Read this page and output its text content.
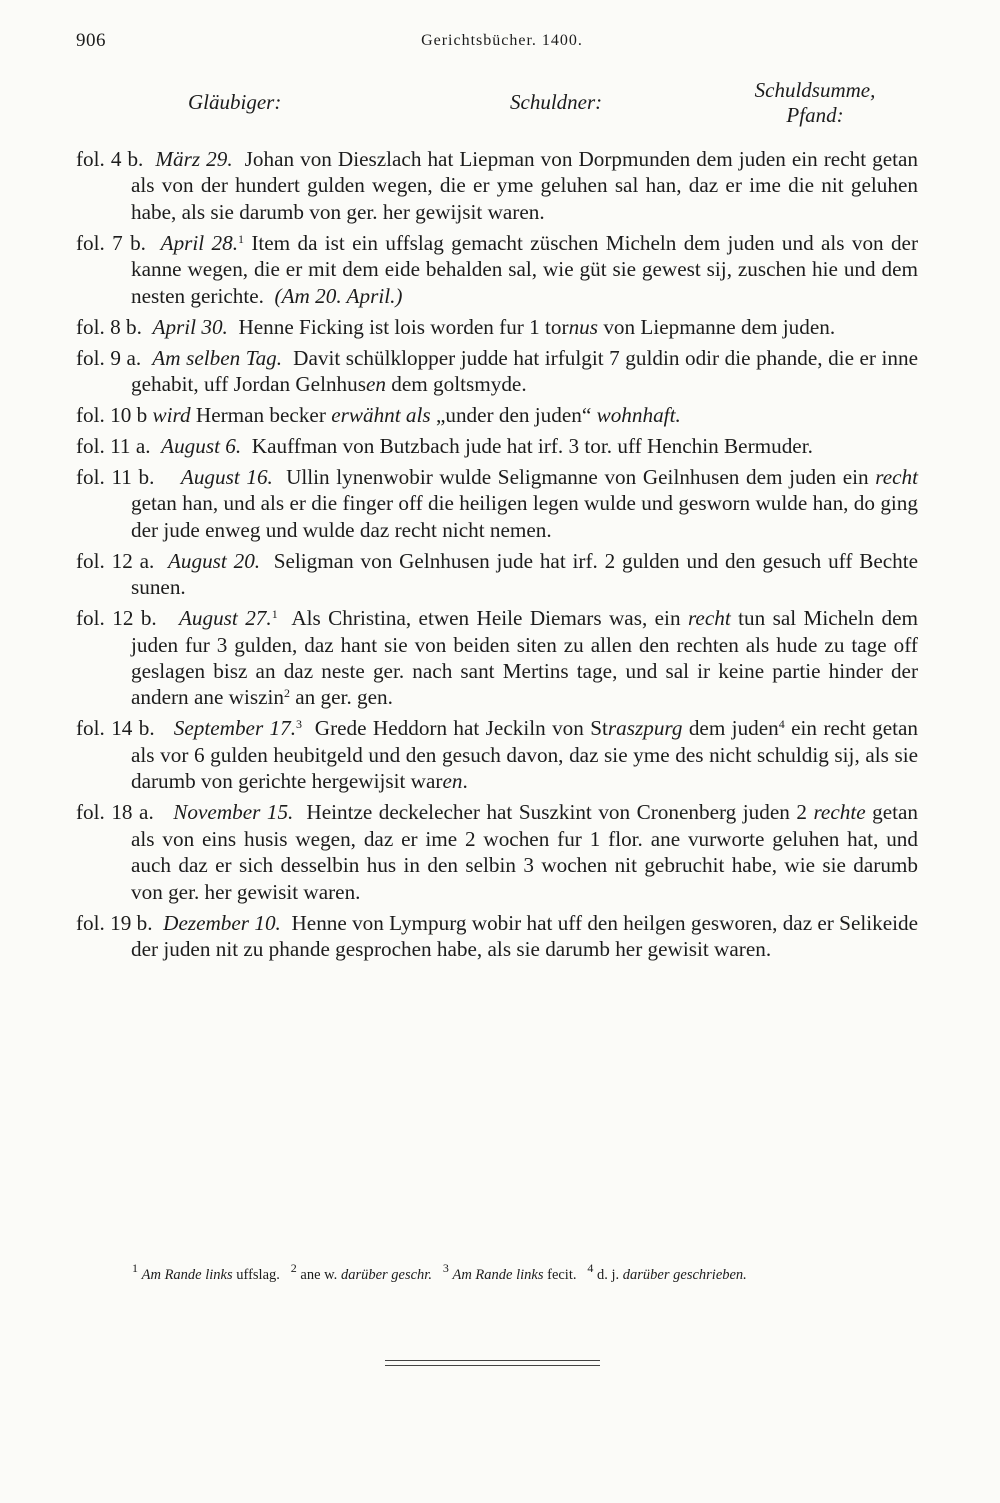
906	Gerichtsbücher. 1400.
Gläubiger:	Schuldner:	Schuldsumme,
Pfand:

fol. 4 b. März 29. Johan von Dieszlach hat Liepman von Dorpmunden dem juden ein recht getan als von der hundert gulden wegen, die er yme geluhen sal han, daz er ime die nit geluhen habe, als sie darumb von ger. her gewijsit waren.

fol. 7 b. April 28.$^1$ Item da ist ein uffslag gemacht züschen Micheln dem juden und als von der kanne wegen, die er mit dem eide behalden sal, wie güt sie gewest sij, zuschen hie und dem nesten gerichte. (Am 20. April.)

fol. 8 b. April 30. Henne Ficking ist lois worden fur 1 tornus von Liepmanne dem juden.

fol. 9 a. Am selben Tag. Davit schülklopper judde hat irfulgit 7 guldin odir die phande, die er inne gehabit, uff Jordan Gelnhusen dem goltsmyde.

fol. 10 b wird Herman becker erwähnt als „under den juden“ wohnhaft.

fol. 11 a. August 6. Kauffman von Butzbach jude hat irf. 3 tor. uff Henchin Bermuder.

fol. 11 b. August 16. Ullin lynenwobir wulde Seligmanne von Geilnhusen dem juden ein recht getan han, und als er die finger off die heiligen legen wulde und gesworn wulde han, do ging der jude enweg und wulde daz recht nicht nemen.

fol. 12 a. August 20. Seligman von Gelnhusen jude hat irf. 2 gulden und den gesuch uff Bechte sunen.

fol. 12 b. August 27.$^1$ Als Christina, etwen Heile Diemars was, ein recht tun sal Micheln dem juden fur 3 gulden, daz hant sie von beiden siten zu allen den rechten als hude zu tage off geslagen bisz an daz neste ger. nach sant Mertins tage, und sal ir keine partie hinder der andern ane wiszin$^2$ an ger. gen.

fol. 14 b. September 17.$^3$ Grede Heddorn hat Jeckiln von Straszpurg dem juden$^4$ ein recht getan als vor 6 gulden heubitgeld und den gesuch davon, daz sie yme des nicht schuldig sij, als sie darumb von gerichte hergewijsit waren.

fol. 18 a. November 15. Heintze deckelecher hat Suszkint von Cronenberg juden 2 rechte getan als von eins husis wegen, daz er ime 2 wochen fur 1 flor. ane vurworte geluhen hat, und auch daz er sich desselbin hus in den selbin 3 wochen nit gebruchit habe, wie sie darumb von ger. her gewisit waren.

fol. 19 b. Dezember 10. Henne von Lympurg wobir hat uff den heilgen gesworen, daz er Selikeide der juden nit zu phande gesprochen habe, als sie darumb her gewisit waren.

$^1$ Am Rande links uffslag. $^2$ ane w. darüber geschr. $^3$ Am Rande links fecit. $^4$ d. j. darüber geschrieben.
